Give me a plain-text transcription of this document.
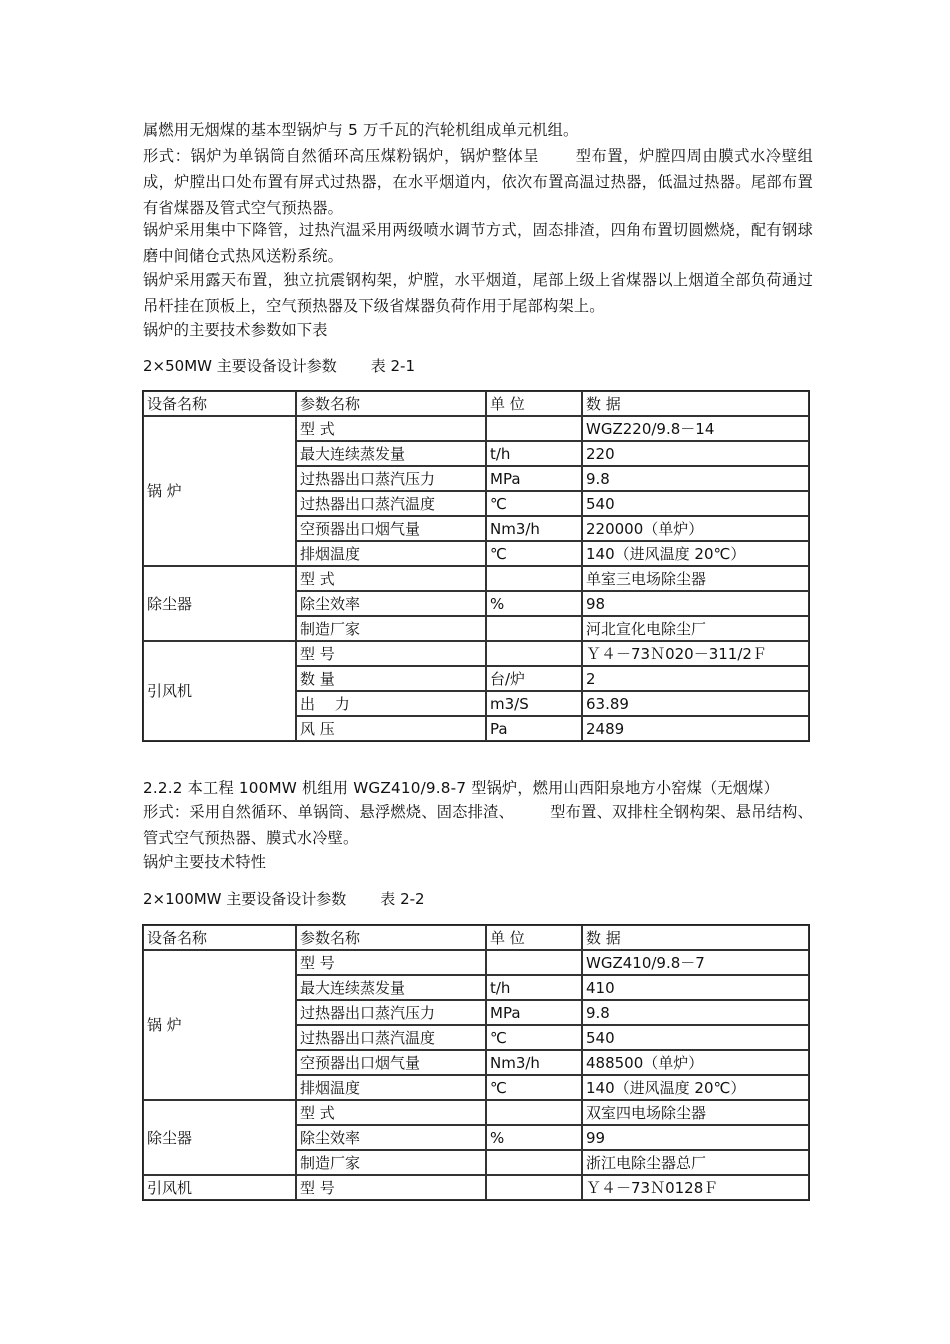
属燃用无烟煤的基本型锅炉与 5 万千瓦的汽轮机组成单元机组。

形式：锅炉为单锅筒自然循环高压煤粉锅炉，锅炉整体呈 型布置，炉膛四周由膜式水冷壁组成，炉膛出口处布置有屏式过热器，在水平烟道内，依次布置高温过热器，低温过热器。尾部布置有省煤器及管式空气预热器。

锅炉采用集中下降管，过热汽温采用两级喷水调节方式，固态排渣，四角布置切圆燃烧，配有钢球磨中间储仓式热风送粉系统。

锅炉采用露天布置，独立抗震钢构架，炉膛，水平烟道，尾部上级上省煤器以上烟道全部负荷通过吊杆挂在顶板上，空气预热器及下级省煤器负荷作用于尾部构架上。

锅炉的主要技术参数如下表

2×50MW 主要设备设计参数 表 2-1
设备名称	参数名称	单 位	数 据
锅 炉	型 式		WGZ220/9.8－14
	最大连续蒸发量	t/h	220
	过热器出口蒸汽压力	MPa	9.8
	过热器出口蒸汽温度	℃	540
	空预器出口烟气量	Nm3/h	220000（单炉）
	排烟温度	℃	140（进风温度 20℃）
除尘器	型 式		单室三电场除尘器
	除尘效率	%	98
	制造厂家		河北宣化电除尘厂
引风机	型 号		Ｙ４－73Ｎ020－311/2Ｆ
	数 量	台/炉	2
	出　 力	m3/S	63.89
	风 压	Pa	2489

2.2.2 本工程 100MW 机组用 WGZ410/9.8-7 型锅炉，燃用山西阳泉地方小窑煤（无烟煤）

形式：采用自然循环、单锅筒、悬浮燃烧、固态排渣、 型布置、双排柱全钢构架、悬吊结构、管式空气预热器、膜式水冷壁。

锅炉主要技术特性

2×100MW 主要设备设计参数 表 2-2
设备名称	参数名称	单 位	数 据
锅 炉	型 号		WGZ410/9.8－7
	最大连续蒸发量	t/h	410
	过热器出口蒸汽压力	MPa	9.8
	过热器出口蒸汽温度	℃	540
	空预器出口烟气量	Nm3/h	488500（单炉）
	排烟温度	℃	140（进风温度 20℃）
除尘器	型 式		双室四电场除尘器
	除尘效率	%	99
	制造厂家		浙江电除尘器总厂
引风机	型 号		Ｙ４－73Ｎ0128Ｆ
